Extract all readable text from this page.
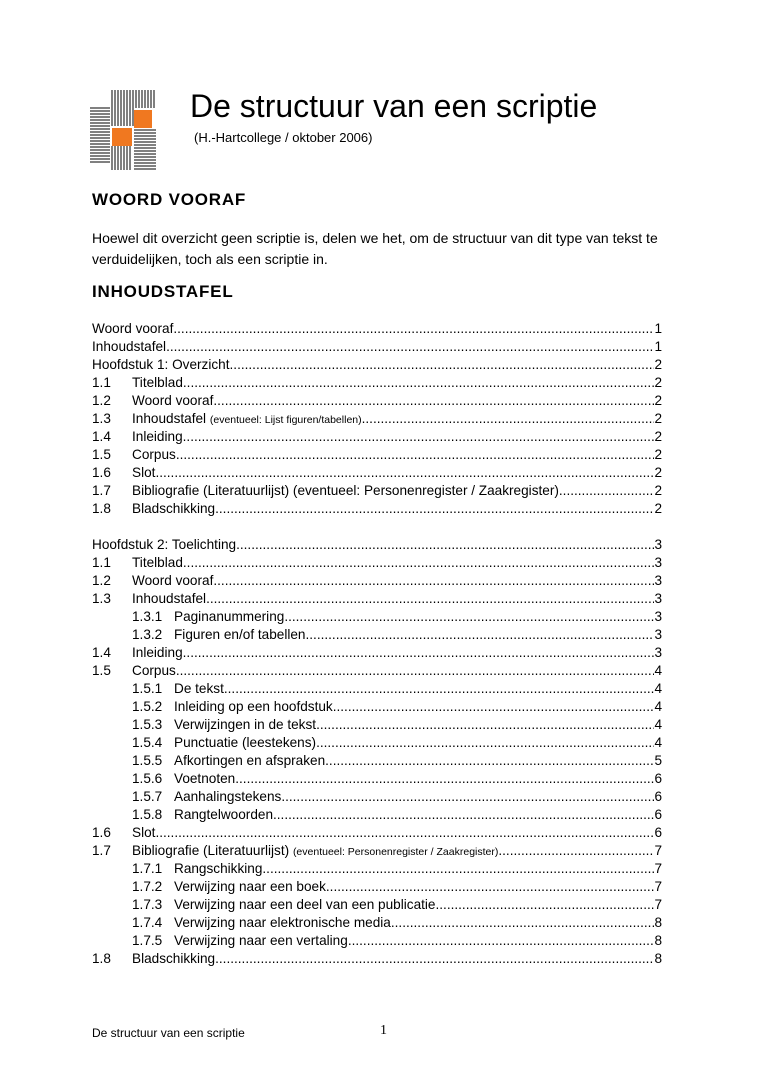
De structuur van een scriptie
(H.-Hartcollege / oktober 2006)
WOORD VOORAF
Hoewel dit overzicht geen scriptie is, delen we het, om de structuur van dit type van tekst te verduidelijken, toch als een scriptie in.
INHOUDSTAFEL
Woord vooraf .....	1
Inhoudstafel .....	1
Hoofdstuk 1: Overzicht .....	2
1.1	Titelblad .....	2
1.2	Woord vooraf .....	2
1.3	Inhoudstafel
(eventueel: Lijst figuren/tabellen) .....	2
1.4	Inleiding .....	2
1.5	Corpus .....	2
1.6	Slot .....	2
1.7	Bibliografie (Literatuurlijst) (eventueel: Personenregister / Zaakregister) .....	2
1.8	Bladschikking .....	2
Hoofdstuk 2: Toelichting .....	3
1.1	Titelblad .....	3
1.2	Woord vooraf .....	3
1.3	Inhoudstafel .....	3
1.3.1 Paginanummering .....	3
1.3.2 Figuren en/of tabellen .....	3
1.4	Inleiding .....	3
1.5	Corpus .....	4
1.5.1 De tekst .....	4
1.5.2 Inleiding op een hoofdstuk .....	4
1.5.3 Verwijzingen in de tekst .....	4
1.5.4 Punctuatie (leestekens) .....	4
1.5.5 Afkortingen en afspraken .....	5
1.5.6 Voetnoten .....	6
1.5.7 Aanhalingstekens .....	6
1.5.8 Rangtelwoorden .....	6
1.6	Slot .....	6
1.7	Bibliografie (Literatuurlijst)
(eventueel: Personenregister / Zaakregister) .....	7
1.7.1 Rangschikking .....	7
1.7.2 Verwijzing naar een boek .....	7
1.7.3 Verwijzing naar een deel van een publicatie .....	7
1.7.4 Verwijzing naar elektronische media .....	8
1.7.5 Verwijzing naar een vertaling .....	8
1.8	Bladschikking .....	8
De structuur van een scriptie	1
